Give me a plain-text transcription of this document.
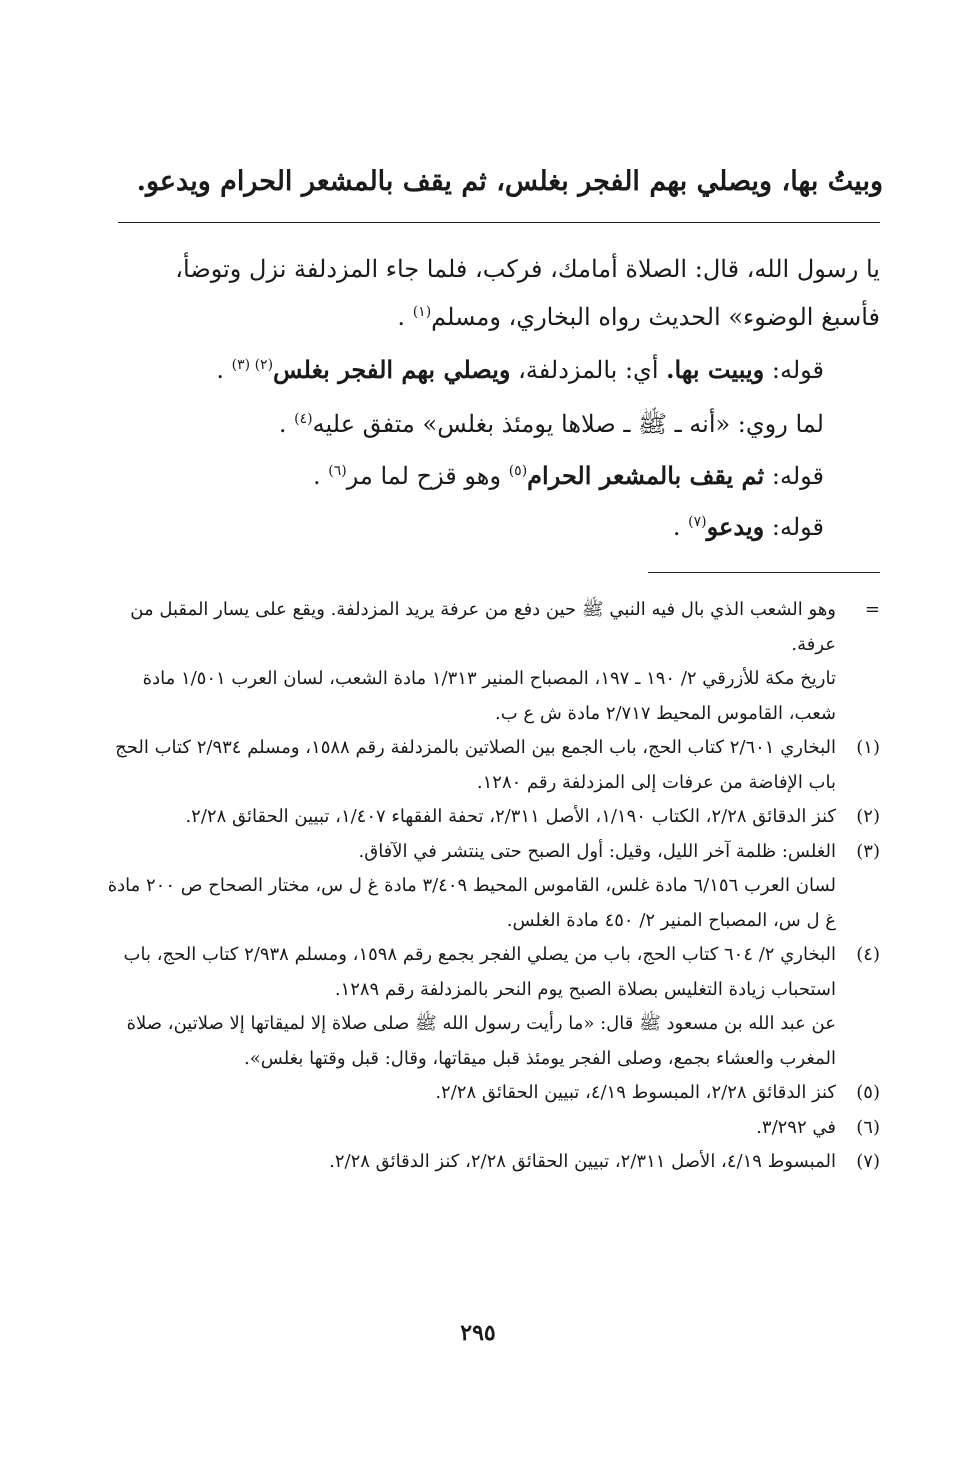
وبيتُ بها، ويصلي بهم الفجر بغلس، ثم يقف بالمشعر الحرام ويدعو.
يا رسول الله، قال: الصلاة أمامك، فركب، فلما جاء المزدلفة نزل وتوضأ،
فأسبغ الوضوء» الحديث رواه البخاري، ومسلم$^{(١)}$ .
قوله: ويبيت بها. أي: بالمزدلفة، ويصلي بهم الفجر بغلس$^{(٢) (٣)}$ .
لما روي: «أنه ـ ﷺ ـ صلاها يومئذ بغلس» متفق عليه$^{(٤)}$ .
قوله: ثم يقف بالمشعر الحرام$^{(٥)}$ وهو قزح لما مر$^{(٦)}$ .
قوله: ويدعو$^{(٧)}$ .
=

وهو الشعب الذي بال فيه النبي ﷺ حين دفع من عرفة يريد المزدلفة. ويقع على يسار المقبل من عرفة.

تاريخ مكة للأزرقي ٢/ ١٩٠ ـ ١٩٧، المصباح المنير ١/٣١٣ مادة الشعب، لسان العرب ١/٥٠١ مادة شعب، القاموس المحيط ٢/٧١٧ مادة ش ع ب.

(١)

البخاري ٢/٦٠١ كتاب الحج، باب الجمع بين الصلاتين بالمزدلفة رقم ١٥٨٨، ومسلم ٢/٩٣٤ كتاب الحج باب الإفاضة من عرفات إلى المزدلفة رقم ١٢٨٠.

(٢)

كنز الدقائق ٢/٢٨، الكتاب ١/١٩٠، الأصل ٢/٣١١، تحفة الفقهاء ١/٤٠٧، تبيين الحقائق ٢/٢٨.

(٣)

الغلس: ظلمة آخر الليل، وقيل: أول الصبح حتى ينتشر في الآفاق.

لسان العرب ٦/١٥٦ مادة غلس، القاموس المحيط ٣/٤٠٩ مادة غ ل س، مختار الصحاح ص ٢٠٠ مادة غ ل س، المصباح المنير ٢/ ٤٥٠ مادة الغلس.

(٤)

البخاري ٢/ ٦٠٤ كتاب الحج، باب من يصلي الفجر بجمع رقم ١٥٩٨، ومسلم ٢/٩٣٨ كتاب الحج، باب استحباب زيادة التغليس بصلاة الصبح يوم النحر بالمزدلفة رقم ١٢٨٩.

عن عبد الله بن مسعود ﷺ قال: «ما رأيت رسول الله ﷺ صلى صلاة إلا لميقاتها إلا صلاتين، صلاة المغرب والعشاء بجمع، وصلى الفجر يومئذ قبل ميقاتها، وقال: قبل وقتها بغلس».

(٥)

كنز الدقائق ٢/٢٨، المبسوط ٤/١٩، تبيين الحقائق ٢/٢٨.

(٦)

في ٣/٢٩٢.

(٧)

المبسوط ٤/١٩، الأصل ٢/٣١١، تبيين الحقائق ٢/٢٨، كنز الدقائق ٢/٢٨.

٢٩٥
